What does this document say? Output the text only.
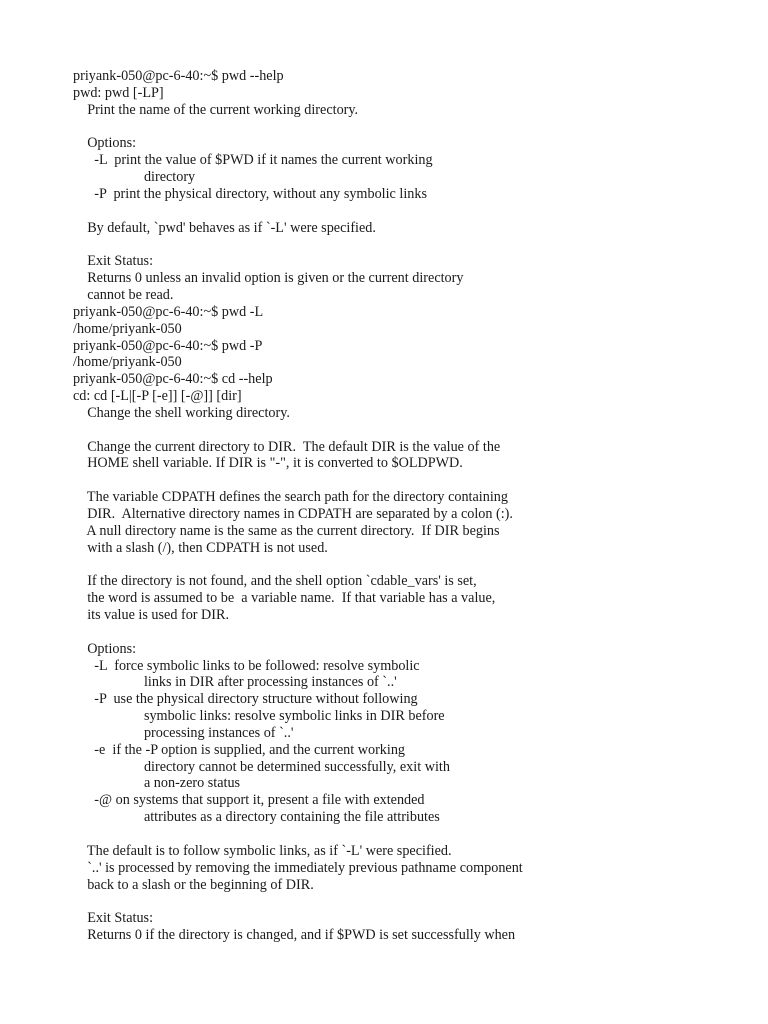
priyank-050@pc-6-40:~$ pwd --help
pwd: pwd [-LP]
Print the name of the current working directory.
Options:
-L  print the value of $PWD if it names the current working
directory
-P  print the physical directory, without any symbolic links
By default, `pwd' behaves as if `-L' were specified.
Exit Status:
Returns 0 unless an invalid option is given or the current directory
cannot be read.
priyank-050@pc-6-40:~$ pwd -L
/home/priyank-050
priyank-050@pc-6-40:~$ pwd -P
/home/priyank-050
priyank-050@pc-6-40:~$ cd --help
cd: cd [-L|[-P [-e]] [-@]] [dir]
Change the shell working directory.
Change the current directory to DIR.  The default DIR is the value of the
HOME shell variable. If DIR is "-", it is converted to $OLDPWD.
The variable CDPATH defines the search path for the directory containing
DIR.  Alternative directory names in CDPATH are separated by a colon (:).
A null directory name is the same as the current directory.  If DIR begins
with a slash (/), then CDPATH is not used.
If the directory is not found, and the shell option `cdable_vars' is set,
the word is assumed to be  a variable name.  If that variable has a value,
its value is used for DIR.
Options:
-L  force symbolic links to be followed: resolve symbolic
links in DIR after processing instances of `..'
-P  use the physical directory structure without following
symbolic links: resolve symbolic links in DIR before
processing instances of `..'
-e  if the -P option is supplied, and the current working
directory cannot be determined successfully, exit with
a non-zero status
-@ on systems that support it, present a file with extended
attributes as a directory containing the file attributes
The default is to follow symbolic links, as if `-L' were specified.
`..' is processed by removing the immediately previous pathname component
back to a slash or the beginning of DIR.
Exit Status:
Returns 0 if the directory is changed, and if $PWD is set successfully when
